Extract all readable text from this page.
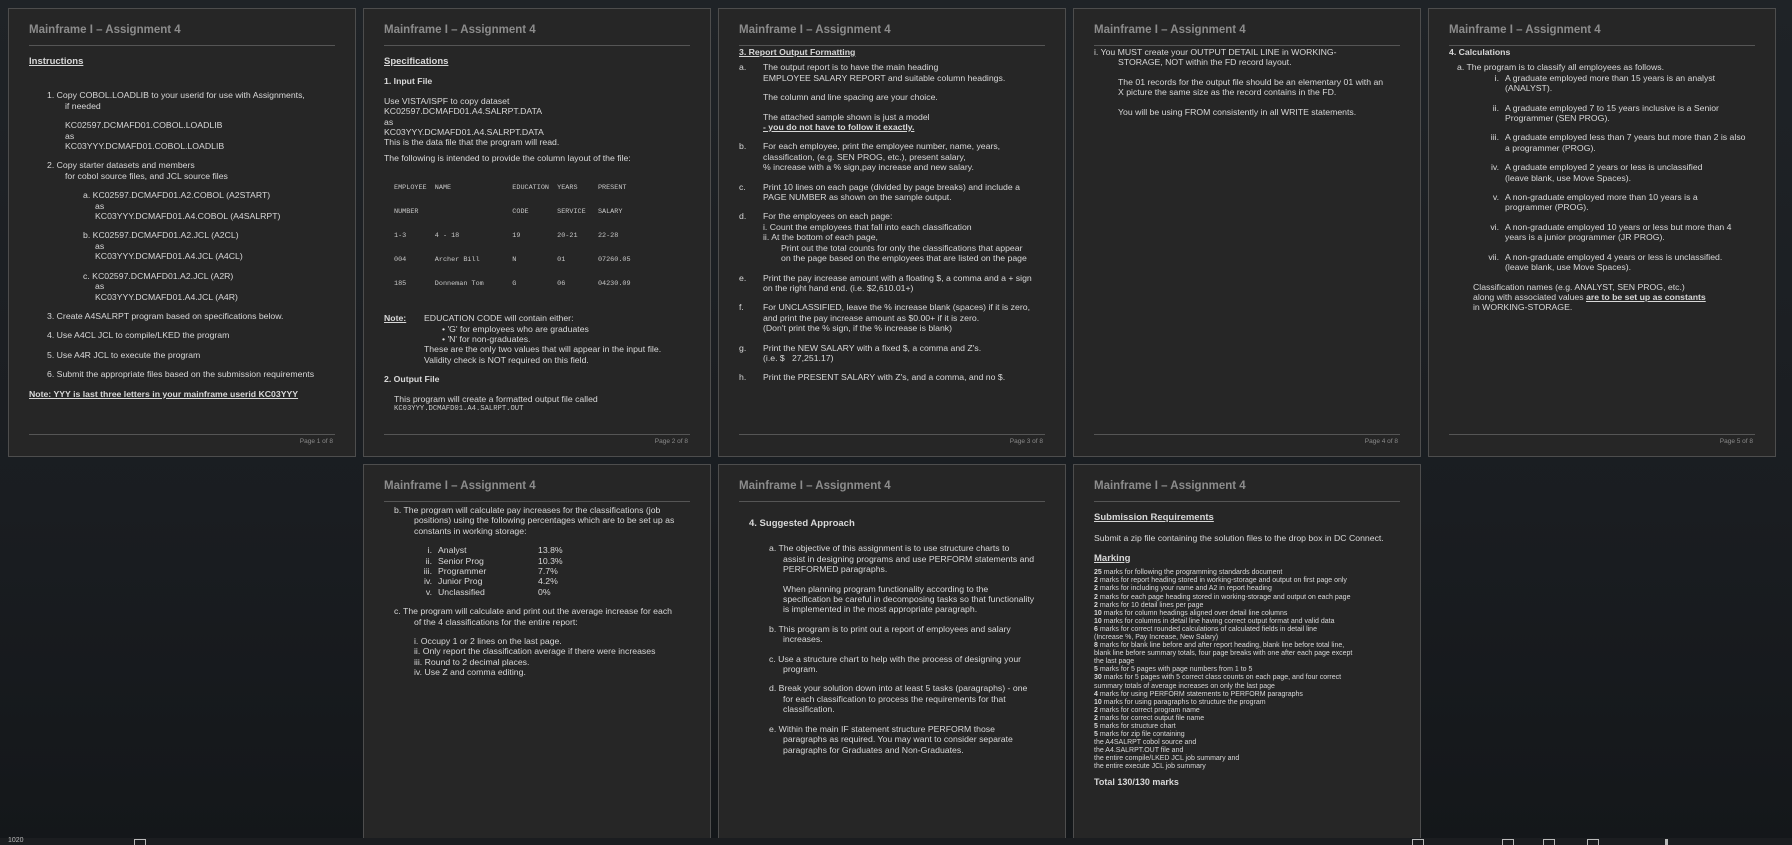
Mainframe I – Assignment 4

Instructions

1. Copy COBOL.LOADLIB to your userid for use with Assignments,

if needed

KC02597.DCMAFD01.COBOL.LOADLIB

as

KC03YYY.DCMAFD01.COBOL.LOADLIB

2. Copy starter datasets and members

for cobol source files, and JCL source files

a. KC02597.DCMAFD01.A2.COBOL (A2START)

as

KC03YYY.DCMAFD01.A4.COBOL (A4SALRPT)

b. KC02597.DCMAFD01.A2.JCL (A2CL)

as

KC03YYY.DCMAFD01.A4.JCL (A4CL)

c. KC02597.DCMAFD01.A2.JCL (A2R)

as

KC03YYY.DCMAFD01.A4.JCL (A4R)

3. Create A4SALRPT program based on specifications below.

4. Use A4CL JCL to compile/LKED the program

5. Use A4R JCL to execute the program

6. Submit the appropriate files based on the submission requirements

Note: YYY is last three letters in your mainframe userid KC03YYY

Page 1 of 8
Mainframe I – Assignment 4

Specifications

1. Input File

Use VISTA/ISPF to copy dataset

KC02597.DCMAFD01.A4.SALRPT.DATA

as

KC03YYY.DCMAFD01.A4.SALRPT.DATA

This is the data file that the program will read.

The following is intended to provide the column layout of the file:

EMPLOYEE  NAME               EDUCATION  YEARS     PRESENT

NUMBER                       CODE       SERVICE   SALARY

1-3       4 - 18             19         20-21     22-28

004       Archer Bill        N          01        07260.05

185       Donneman Tom       G          06        04230.09

Note:	EDUCATION CODE will contain either:

• 'G' for employees who are graduates

• 'N' for non-graduates.

These are the only two values that will appear in the input file.

Validity check is NOT required on this field.

2. Output File

This program will create a formatted output file called

KC03YYY.DCMAFD01.A4.SALRPT.OUT

Page 2 of 8
Mainframe I – Assignment 4

3. Report Output Formatting

a.	The output report is to have the main heading

EMPLOYEE SALARY REPORT and suitable column headings.

The column and line spacing are your choice.

The attached sample shown is just a model

- you do not have to follow it exactly.

b.	For each employee, print the employee number, name, years,

classification, (e.g. SEN PROG, etc.), present salary,

% increase with a % sign,pay increase and new salary.

c.	Print 10 lines on each page (divided by page breaks) and include a

PAGE NUMBER as shown on the sample output.

d.	For the employees on each page:

i. Count the employees that fall into each classification

ii. At the bottom of each page,

Print out the total counts for only the classifications that appear

on the page based on the employees that are listed on the page

e.	Print the pay increase amount with a floating $, a comma and a + sign

on the right hand end. (i.e. $2,610.01+)

f.	For UNCLASSIFIED, leave the % increase blank (spaces) if it is zero,

and print the pay increase amount as $0.00+ if it is zero.

(Don't print the % sign, if the % increase is blank)

g.	Print the NEW SALARY with a fixed $, a comma and Z's.

(i.e. $   27,251.17)

h.	Print the PRESENT SALARY with Z's, and a comma, and no $.

Page 3 of 8
Mainframe I – Assignment 4

i. You MUST create your OUTPUT DETAIL LINE in WORKING-

STORAGE, NOT within the FD record layout.

The 01 records for the output file should be an elementary 01 with an

X picture the same size as the record contains in the FD.

You will be using FROM consistently in all WRITE statements.

Page 4 of 8
Mainframe I – Assignment 4

4. Calculations

a. The program is to classify all employees as follows.

i. A graduate employed more than 15 years is an analyst

(ANALYST).

ii. A graduate employed 7 to 15 years inclusive is a Senior

Programmer (SEN PROG).

iii. A graduate employed less than 7 years but more than 2 is also

a programmer (PROG).

iv. A graduate employed 2 years or less is unclassified

(leave blank, use Move Spaces).

v. A non-graduate employed more than 10 years is a

programmer (PROG).

vi. A non-graduate employed 10 years or less but more than 4

years is a junior programmer (JR PROG).

vii. A non-graduate employed 4 years or less is unclassified.

(leave blank, use Move Spaces).

Classification names (e.g. ANALYST, SEN PROG, etc.)

along with associated values are to be set up as constants

in WORKING-STORAGE.

Page 5 of 8
Mainframe I – Assignment 4

b. The program will calculate pay increases for the classifications (job

positions) using the following percentages which are to be set up as

constants in working storage:

i. Analyst	13.8%
ii. Senior Prog	10.3%
iii. Programmer	7.7%
iv. Junior Prog	4.2%
v. Unclassified	0%

c. The program will calculate and print out the average increase for each

of the 4 classifications for the entire report:

i. Occupy 1 or 2 lines on the last page.

ii. Only report the classification average if there were increases

iii. Round to 2 decimal places.

iv. Use Z and comma editing.

Mainframe I – Assignment 4

4. Suggested Approach

a. The objective of this assignment is to use structure charts to

assist in designing programs and use PERFORM statements and

PERFORMED paragraphs.

When planning program functionality according to the

specification be careful in decomposing tasks so that functionality

is implemented in the most appropriate paragraph.

b. This program is to print out a report of employees and salary

increases.

c. Use a structure chart to help with the process of designing your

program.

d. Break your solution down into at least 5 tasks (paragraphs) - one

for each classification to process the requirements for that

classification.

e. Within the main IF statement structure PERFORM those

paragraphs as required. You may want to consider separate

paragraphs for Graduates and Non-Graduates.

Mainframe I – Assignment 4

Submission Requirements

Submit a zip file containing the solution files to the drop box in DC Connect.

Marking

25 marks for following the programming standards document

2 marks for report heading stored in working-storage and output on first page only

2 marks for including your name and A2 in report heading

2 marks for each page heading stored in working-storage and output on each page

2 marks for 10 detail lines per page

10 marks for column headings aligned over detail line columns

10 marks for columns in detail line having correct output format and valid data

6 marks for correct rounded calculations of calculated fields in detail line

(Increase %, Pay Increase, New Salary)

8 marks for blank line before and after report heading, blank line before total line,

blank line before summary totals, four page breaks with one after each page except

the last page

5 marks for 5 pages with page numbers from 1 to 5

30 marks for 5 pages with 5 correct class counts on each page, and four correct

summary totals of average increases on only the last page

4 marks for using PERFORM statements to PERFORM paragraphs

10 marks for using paragraphs to structure the program

2 marks for correct program name

2 marks for correct output file name

5 marks for structure chart

5 marks for zip file containing

the A4SALRPT cobol source and

the A4.SALRPT.OUT file and

the entire compile/LKED JCL job summary and

the entire execute JCL job summary

Total 130/130 marks

1020
